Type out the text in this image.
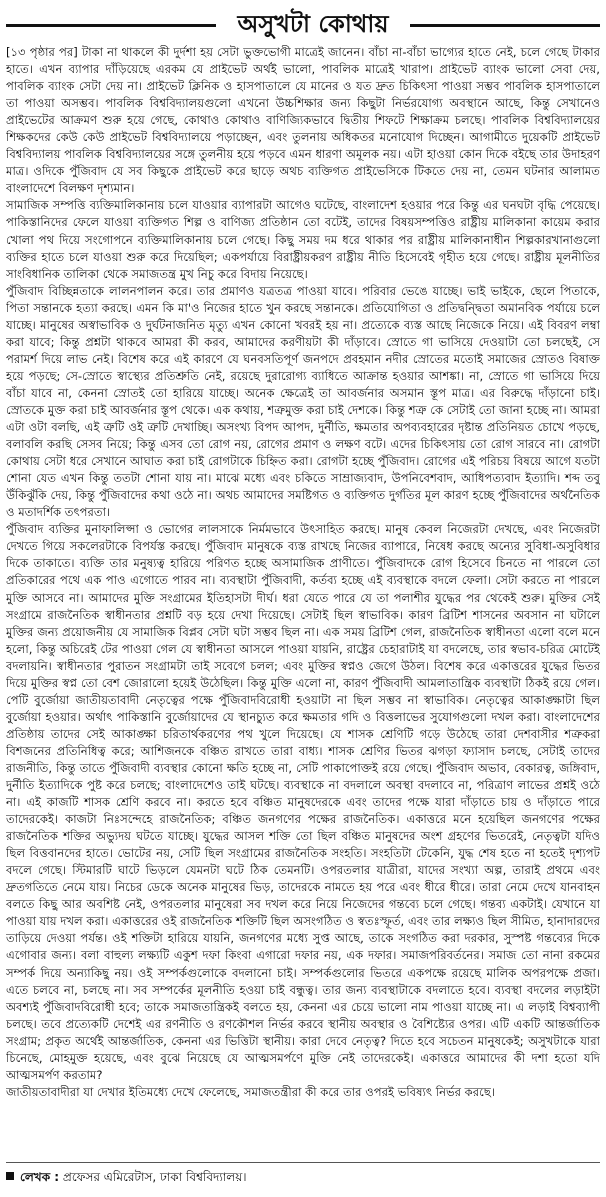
অসুখটা কোথায়

[১৩ পৃষ্ঠার পর] টাকা না থাকলে কী দুর্দশা হয় সেটা ভুক্তভোগী মাত্রেই জানেন। বাঁচা না-বাঁচা ভাগ্যের হাতে নেই, চলে গেছে টাকার হাতে। এখন ব্যাপার দাঁড়িয়েছে এরকম যে প্রাইভেট অর্থই ভালো, পাবলিক মাত্রেই খারাপ। প্রাইভেট ব্যাংক ভালো সেবা দেয়, পাবলিক ব্যাংক সেটা দেয় না। প্রাইভেট ক্লিনিক ও হাসপাতালে যে মানের ও যত দ্রুত চিকিৎসা পাওয়া সম্ভব পাবলিক হাসপাতালে তা পাওয়া অসম্ভব। পাবলিক বিশ্ববিদ্যালয়গুলো এখনো উচ্চশিক্ষার জন্য কিছুটা নির্ভরযোগ্য অবস্থানে আছে, কিন্তু সেখানেও প্রাইভেটের আক্রমণ শুরু হয়ে গেছে, কোথাও কোথাও বাণিজ্যিকভাবে দ্বিতীয় শিফটে শিক্ষাক্রম চলছে। পাবলিক বিশ্ববিদ্যালয়ের শিক্ষকদের কেউ কেউ প্রাইভেট বিশ্ববিদ্যালয়ে পড়াচ্ছেন, এবং তুলনায় অধিকতর মনোযোগ দিচ্ছেন। আগামীতে দুয়েকটি প্রাইভেট বিশ্ববিদ্যালয় পাবলিক বিশ্ববিদ্যালয়ের সঙ্গে তুলনীয় হয়ে পড়বে এমন ধারণা অমূলক নয়। এটা হাওয়া কোন দিকে বইছে তার উদাহরণ মাত্র। ওদিকে পুঁজিবাদ যে সব কিছুকে প্রাইভেট করে ছাড়ে অথচ ব্যক্তিগত প্রাইভেসিকে টিকতে দেয় না, তেমন ঘটনার আলামত বাংলাদেশে বিলক্ষণ দৃশ্যমান।

সামাজিক সম্পত্তি ব্যক্তিমালিকানায় চলে যাওয়ার ব্যাপারটা আগেও ঘটেছে, বাংলাদেশ হওয়ার পরে কিন্তু এর ঘনঘটা বৃদ্ধি পেয়েছে। পাকিস্তানিদের ফেলে যাওয়া ব্যক্তিগত শিল্প ও বাণিজ্য প্রতিষ্ঠান তো বটেই, তাদের বিষয়সম্পত্তিও রাষ্ট্রীয় মালিকানা কায়েম করার খোলা পথ দিয়ে সংগোপনে ব্যক্তিমালিকানায় চলে গেছে। কিছু সময় দম ধরে থাকার পর রাষ্ট্রীয় মালিকানাধীন শিল্পকারখানাগুলো ব্যক্তির হাতে চলে যাওয়া শুরু করে দিয়েছিল; একপর্যায়ে বিরাষ্ট্রীয়করণ রাষ্ট্রীয় নীতি হিসেবেই গৃহীত হয়ে গেছে। রাষ্ট্রীয় মূলনীতির সাংবিধানিক তালিকা থেকে সমাজতন্ত্র মুখ নিচু করে বিদায় নিয়েছে।

পুঁজিবাদ বিচ্ছিন্নতাকে লালনপালন করে। তার প্রমাণও যত্রতত্র পাওয়া যাবে। পরিবার ভেঙে যাচ্ছে। ভাই ভাইকে, ছেলে পিতাকে, পিতা সন্তানকে হত্যা করছে। এমন কি মা'ও নিজের হাতে খুন করছে সন্তানকে। প্রতিযোগিতা ও প্রতিদ্বন্দ্বিতা অমানবিক পর্যায়ে চলে যাচ্ছে। মানুষের অস্বাভাবিক ও দুর্ঘটনাজনিত মৃত্যু এখন কোনো খবরই হয় না। প্রত্যেকে ব্যস্ত আছে নিজেকে নিয়ে। এই বিবরণ লম্বা করা যাবে; কিন্তু প্রশ্নটা থাকবে আমরা কী করব, আমাদের করণীয়টা কী দাঁড়াবে। স্রোতে গা ভাসিয়ে দেওয়াটা তো চলছেই, সে পরামর্শ দিয়ে লাভ নেই। বিশেষ করে এই কারণে যে ঘনবসতিপূর্ণ জনপদে প্রবহমান নদীর স্রোতের মতোই সমাজের স্রোতও বিষাক্ত হয়ে পড়ছে; সে-স্রোতে স্বাস্থ্যের প্রতিশ্রুতি নেই, রয়েছে দুরারোগ্য ব্যাধিতে আক্রান্ত হওয়ার আশঙ্কা। না, স্রোতে গা ভাসিয়ে দিয়ে বাঁচা যাবে না, কেননা স্রোতই তো হারিয়ে যাচ্ছে। অনেক ক্ষেত্রেই তা আবর্জনার অসমান স্তূপ মাত্র। এর বিরুদ্ধে দাঁড়ানো চাই। স্রোতকে মুক্ত করা চাই আবর্জনার স্তূপ থেকে। এক কথায়, শত্রুমুক্ত করা চাই দেশকে। কিন্তু শত্রু কে সেটাই তো জানা হচ্ছে না। আমরা এটা ওটা বলছি, এই ত্রুটি ওই ত্রুটি দেখাচ্ছি। অসংখ্য বিপদ আপদ, দুর্নীতি, ক্ষমতার অপব্যবহারের দৃষ্টান্ত প্রতিনিয়ত চোখে পড়ছে, বলাবলি করছি সেসব নিয়ে; কিন্তু এসব তো রোগ নয়, রোগের প্রমাণ ও লক্ষণ বটে। এদের চিকিৎসায় তো রোগ সারবে না। রোগটা কোথায় সেটা ধরে সেখানে আঘাত করা চাই রোগটাকে চিহ্নিত করা। রোগটা হচ্ছে পুঁজিবাদ। রোগের এই পরিচয় বিষয়ে আগে যতটা শোনা যেত এখন কিন্তু ততটা শোনা যায় না। মাঝে মধ্যে এবং চকিতে সাম্রাজ্যবাদ, উপনিবেশবাদ, আধিপত্যবাদ ইত্যাদি। শব্দ তবু উঁকিঝুঁকি দেয়, কিন্তু পুঁজিবাদের কথা ওঠে না। অথচ আমাদের সমষ্টিগত ও ব্যক্তিগত দুর্গতির মূল কারণ হচ্ছে পুঁজিবাদের অর্থনৈতিক ও মতাদর্শিক তৎপরতা।

পুঁজিবাদ ব্যক্তির মুনাফালিপ্সা ও ভোগের লালসাকে নির্মমভাবে উৎসাহিত করছে। মানুষ কেবল নিজেরটা দেখছে, এবং নিজেরটা দেখতে গিয়ে সকলেরটাকে বিপর্যস্ত করছে। পুঁজিবাদ মানুষকে ব্যস্ত রাখছে নিজের ব্যাপারে, নিষেধ করছে অন্যের সুবিধা-অসুবিধার দিকে তাকাতে। ব্যক্তি তার মনুষ্যত্ব হারিয়ে পরিণত হচ্ছে অসামাজিক প্রাণীতে। পুঁজিবাদকে রোগ হিসেবে চিনতে না পারলে তো প্রতিকারের পথে এক পাও এগোতে পারব না। ব্যবস্থাটা পুঁজিবাদী, কর্তব্য হচ্ছে এই ব্যবস্থাকে বদলে ফেলা। সেটা করতে না পারলে মুক্তি আসবে না। আমাদের মুক্তি সংগ্রামের ইতিহাসটা দীর্ঘ। ধরা যেতে পারে যে তা পলাশীর যুদ্ধের পর থেকেই শুরু। মুক্তির সেই সংগ্রামে রাজনৈতিক স্বাধীনতার প্রশ্নটি বড় হয়ে দেখা দিয়েছে। সেটাই ছিল স্বাভাবিক। কারণ ব্রিটিশ শাসনের অবসান না ঘটালে মুক্তির জন্য প্রয়োজনীয় যে সামাজিক বিপ্লব সেটা ঘটা সম্ভব ছিল না। এক সময় ব্রিটিশ গেল, রাজনৈতিক স্বাধীনতা এলো বলে মনে হলো, কিন্তু অচিরেই টের পাওয়া গেল যে স্বাধীনতা আসলে পাওয়া যায়নি, রাষ্ট্রের চেহারাটাই যা বদলেছে, তার স্বভাব-চরিত্র মোটেই বদলায়নি। স্বাধীনতার পুরাতন সংগ্রামটা তাই সবেগে চলল; এবং মুক্তির স্বপ্নও জেগে উঠল। বিশেষ করে একাত্তরের যুদ্ধের ভিতর দিয়ে মুক্তির স্বপ্ন তো বেশ জোরালো হয়েই উঠেছিল। কিন্তু মুক্তি এলো না, কারণ পুঁজিবাদী আমলাতান্ত্রিক ব্যবস্থাটা ঠিকই রয়ে গেল। পেটি বুর্জোয়া জাতীয়তাবাদী নেতৃত্বের পক্ষে পুঁজিবাদবিরোধী হওয়াটা না ছিল সম্ভব না স্বাভাবিক। নেতৃত্বের আকাঙ্ক্ষাটা ছিল বুর্জোয়া হওয়ার। অর্থাৎ পাকিস্তানি বুর্জোয়াদের যে স্থানচ্যুত করে ক্ষমতার গদি ও বিত্তলাভের সুযোগগুলো দখল করা। বাংলাদেশের প্রতিষ্ঠায় তাদের সেই আকাঙ্ক্ষা চরিতার্থকরণের পথ খুলে দিয়েছে। যে শাসক শ্রেণিটি গড়ে উঠেছে তারা দেশবাসীর শত্রুকরা বিশজনের প্রতিনিধিত্ব করে; আশিজনকে বঞ্চিত রাখতে তারা বাধ্য। শাসক শ্রেণির ভিতর ঝগড়া ফ্যাসাদ চলছে, সেটাই তাদের রাজনীতি, কিন্তু তাতে পুঁজিবাদী ব্যবস্থার কোনো ক্ষতি হচ্ছে না, সেটি পাকাপোক্তই রয়ে গেছে। পুঁজিবাদ অভাব, বেকারত্ব, জঙ্গিবাদ, দুর্নীতি ইত্যাদিকে পুষ্ট করে চলছে; বাংলাদেশেও তাই ঘটছে। ব্যবস্থাকে না বদলালে অবস্থা বদলাবে না, পরিত্রাণ লাভের প্রশ্নই ওঠে না। এই কাজটি শাসক শ্রেণি করবে না। করতে হবে বঞ্চিত মানুষদেরকে এবং তাদের পক্ষে যারা দাঁড়াতে চায় ও দাঁড়াতে পারে তাদেরকেই। কাজটা নিঃসন্দেহে রাজনৈতিক; বঞ্চিত জনগণের পক্ষের রাজনৈতিক। একাত্তরে মনে হয়েছিল জনগণের পক্ষের রাজনৈতিক শক্তির অভ্যুদয় ঘটতে যাচ্ছে। যুদ্ধের আসল শক্তি তো ছিল বঞ্চিত মানুষদের অংশ গ্রহণের ভিতরেই, নেতৃত্বটা যদিও ছিল বিত্তবানদের হাতে। ভোটের নয়, সেটি ছিল সংগ্রামের রাজনৈতিক সংহতি। সংহতিটা টেকেনি, যুদ্ধ শেষ হতে না হতেই দৃশ্যপট বদলে গেছে। স্টিমারটি ঘাটে ভিড়লে যেমনটা ঘটে ঠিক তেমনটি। ওপরতলার যাত্রীরা, যাদের সংখ্যা অল্প, তারাই প্রথমে এবং দ্রুতগতিতে নেমে যায়। নিচের ডেকে অনেক মানুষের ভিড়, তাদেরকে নামতে হয় পরে এবং ধীরে ধীরে। তারা নেমে দেখে যানবাহন বলতে কিছু আর অবশিষ্ট নেই, ওপরতলার মানুষেরা সব দখল করে নিয়ে নিজেদের গন্তব্যে চলে গেছে। গন্তব্য একটাই। যেখানে যা পাওয়া যায় দখল করা। একাত্তরের ওই রাজনৈতিক শক্তিটি ছিল অসংগঠিত ও স্বতঃস্ফূর্ত, এবং তার লক্ষ্যও ছিল সীমিত, হানাদারদের তাড়িয়ে দেওয়া পর্যন্ত। ওই শক্তিটা হারিয়ে যায়নি, জনগণের মধ্যে সুপ্ত আছে, তাকে সংগঠিত করা দরকার, সুস্পষ্ট গন্তব্যের দিকে এগোবার জন্য। বলা বাহুল্য লক্ষ্যটি একুশ দফা কিংবা এগারো দফার নয়, এক দফার। সমাজপরিবর্তনের। সমাজ তো নানা রকমের সম্পর্ক দিয়ে অন্যাকিছু নয়। ওই সম্পর্কগুলোকে বদলানো চাই। সম্পর্কগুলোর ভিতরে একপক্ষে রয়েছে মালিক অপরপক্ষে প্রজা। এতে চলবে না, চলছে না। সব সম্পর্কের মূলনীতি হওয়া চাই বন্ধুত্ব। তার জন্য ব্যবস্থাটাকে বদলাতে হবে। ব্যবস্থা বদলের লড়াইটা অবশ্যই পুঁজিবাদবিরোধী হবে; তাকে সমাজতান্ত্রিকই বলতে হয়, কেননা এর চেয়ে ভালো নাম পাওয়া যাচ্ছে না। এ লড়াই বিশ্বব্যাপী চলছে। তবে প্রত্যেকটি দেশেই এর রণনীতি ও রণকৌশল নির্ভর করবে স্থানীয় অবস্থার ও বৈশিষ্ট্যের ওপর। এটি একটি আন্তর্জাতিক সংগ্রাম; প্রকৃত অর্থেই আন্তর্জাতিক, কেননা এর ভিত্তিটা স্থানীয়। কারা দেবে নেতৃত্ব? দিতে হবে সচেতন মানুষকেই; অসুখটাকে যারা চিনেছে, মোহমুক্ত হয়েছে, এবং বুঝে নিয়েছে যে আত্মসমর্পণে মুক্তি নেই তাদেরকেই। একাত্তরে আমাদের কী দশা হতো যদি আত্মসমর্পণ করতাম?

জাতীয়তাবাদীরা যা দেখার ইতিমধ্যে দেখে ফেলেছে, সমাজতন্ত্রীরা কী করে তার ওপরই ভবিষ্যৎ নির্ভর করছে।

লেখক : প্রফেসর এমিরেটাস, ঢাকা বিশ্ববিদ্যালয়।
